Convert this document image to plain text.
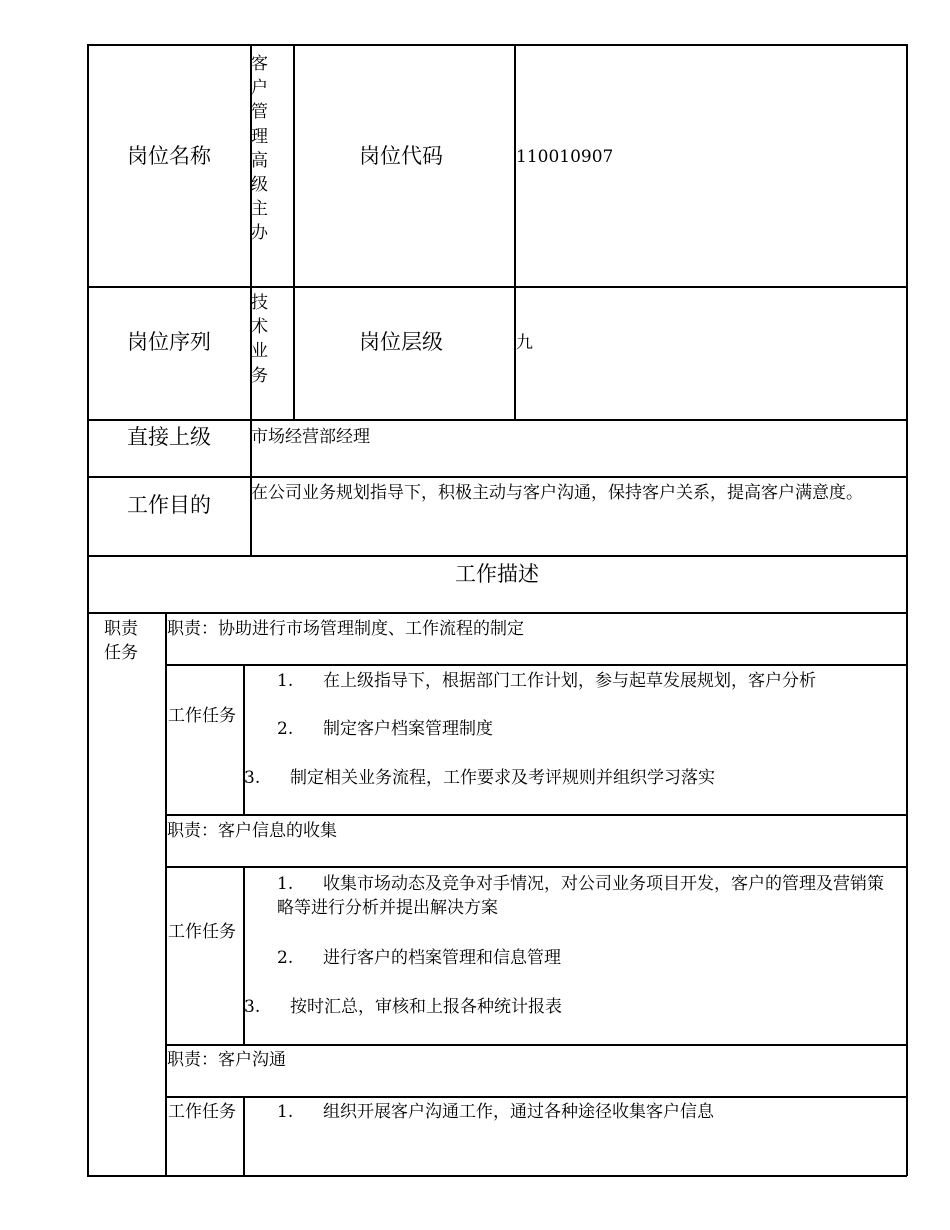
岗位名称
客户管理高级主办
岗位代码	110010907
岗位序列
技术业务
岗位层级	九
直接上级 市场经营部经理
工作目的 在公司业务规划指导下，积极主动与客户沟通，保持客户关系，提高客户满意度。
工作描述
职责任务
职责：协助进行市场管理制度、工作流程的制定
工作任务
1. 在上级指导下，根据部门工作计划，参与起草发展规划，客户分析
2. 制定客户档案管理制度
3. 制定相关业务流程，工作要求及考评规则并组织学习落实
职责：客户信息的收集
工作任务
1. 收集市场动态及竞争对手情况，对公司业务项目开发，客户的管理及营销策略等进行分析并提出解决方案
2. 进行客户的档案管理和信息管理
3. 按时汇总，审核和上报各种统计报表
职责：客户沟通
工作任务 1. 组织开展客户沟通工作，通过各种途径收集客户信息
